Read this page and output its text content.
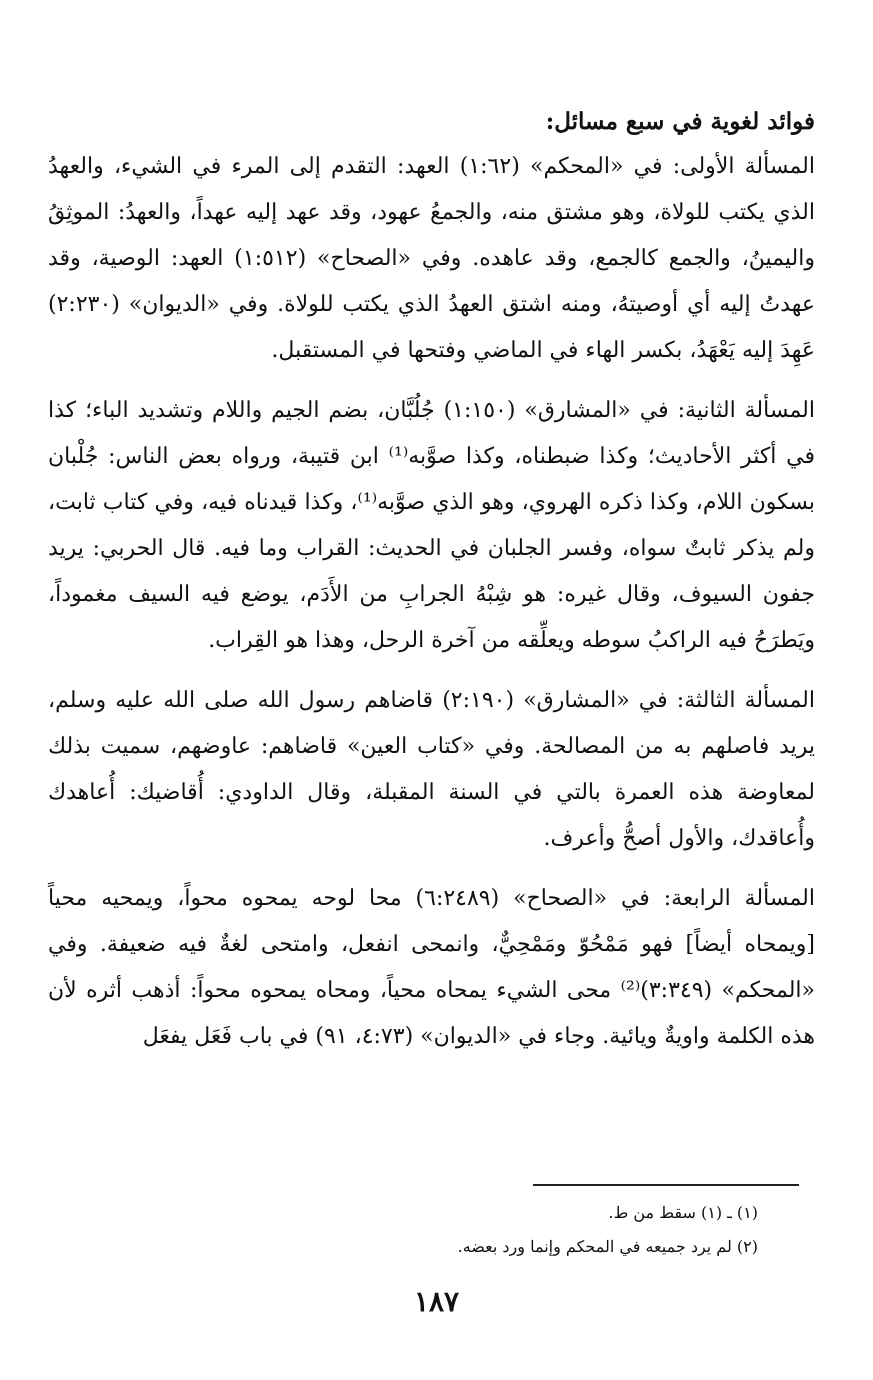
فوائد لغوية في سبع مسائل:

المسألة الأولى: في «المحكم» (١:٦٢) العهد: التقدم إلى المرء في الشيء، والعهدُ الذي يكتب للولاة، وهو مشتق منه، والجمعُ عهود، وقد عهد إليه عهداً، والعهدُ: الموثِقُ واليمينُ، والجمع كالجمع، وقد عاهده. وفي «الصحاح» (١:٥١٢) العهد: الوصية، وقد عهدتُ إليه أي أوصيتهُ، ومنه اشتق العهدُ الذي يكتب للولاة. وفي «الديوان» (٢:٢٣٠) عَهِدَ إليه يَعْهَدُ، بكسر الهاء في الماضي وفتحها في المستقبل.

المسألة الثانية: في «المشارق» (١:١٥٠) جُلُبَّان، بضم الجيم واللام وتشديد الباء؛ كذا في أكثر الأحاديث؛ وكذا ضبطناه، وكذا صوَّبه⁽¹⁾ ابن قتيبة، ورواه بعض الناس: جُلْبان بسكون اللام، وكذا ذكره الهروي، وهو الذي صوَّبه⁽¹⁾، وكذا قيدناه فيه، وفي كتاب ثابت، ولم يذكر ثابتٌ سواه، وفسر الجلبان في الحديث: القراب وما فيه. قال الحربي: يريد جفون السيوف، وقال غيره: هو شِبْهُ الجرابِ من الأَدَم، يوضع فيه السيف مغموداً، ويَطرَحُ فيه الراكبُ سوطه ويعلِّقه من آخرة الرحل، وهذا هو القِراب.

المسألة الثالثة: في «المشارق» (٢:١٩٠) قاضاهم رسول الله صلى الله عليه وسلم، يريد فاصلهم به من المصالحة. وفي «كتاب العين» قاضاهم: عاوضهم، سميت بذلك لمعاوضة هذه العمرة بالتي في السنة المقبلة، وقال الداودي: أُقاضيك: أُعاهدك وأُعاقدك، والأول أصحُّ وأعرف.

المسألة الرابعة: في «الصحاح» (٦:٢٤٨٩) محا لوحه يمحوه محواً، ويمحيه محياً [ويمحاه أيضاً] فهو مَمْحُوّ ومَمْحِيٌّ، وانمحى انفعل، وامتحى لغةٌ فيه ضعيفة. وفي «المحكم» (٣:٣٤٩)⁽²⁾ محى الشيء يمحاه محياً، ومحاه يمحوه محواً: أذهب أثره لأن هذه الكلمة واويةٌ ويائية. وجاء في «الديوان» (٤:٧٣، ٩١) في باب فَعَل يفعَل

(١) ـ (١) سقط من ط.

(٢) لم يرد جميعه في المحكم وإنما ورد بعضه.

١٨٧
